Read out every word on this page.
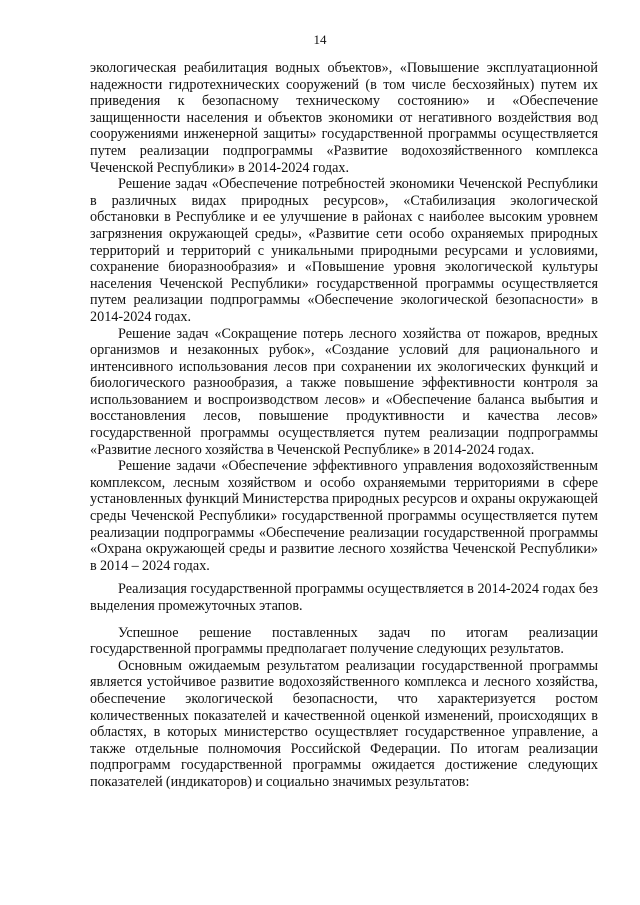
14

экологическая реабилитация водных объектов», «Повышение эксплуатационной надежности гидротехнических сооружений (в том числе бесхозяйных) путем их приведения к безопасному техническому состоянию» и «Обеспечение защищенности населения и объектов экономики от негативного воздействия вод сооружениями инженерной защиты» государственной программы осуществляется путем реализации подпрограммы «Развитие водохозяйственного комплекса Чеченской Республики» в 2014-2024 годах.

Решение задач «Обеспечение потребностей экономики Чеченской Республики в различных видах природных ресурсов», «Стабилизация экологической обстановки в Республике и ее улучшение в районах с наиболее высоким уровнем загрязнения окружающей среды», «Развитие сети особо охраняемых природных территорий и территорий с уникальными природными ресурсами и условиями, сохранение биоразнообразия» и «Повышение уровня экологической культуры населения Чеченской Республики» государственной программы осуществляется путем реализации подпрограммы «Обеспечение экологической безопасности» в 2014-2024 годах.

Решение задач «Сокращение потерь лесного хозяйства от пожаров, вредных организмов и незаконных рубок», «Создание условий для рационального и интенсивного использования лесов при сохранении их экологических функций и биологического разнообразия, а также повышение эффективности контроля за использованием и воспроизводством лесов» и «Обеспечение баланса выбытия и восстановления лесов, повышение продуктивности и качества лесов» государственной программы осуществляется путем реализации подпрограммы «Развитие лесного хозяйства в Чеченской Республике» в 2014-2024 годах.

Решение задачи «Обеспечение эффективного управления водохозяйственным комплексом, лесным хозяйством и особо охраняемыми территориями в сфере установленных функций Министерства природных ресурсов и охраны окружающей среды Чеченской Республики» государственной программы осуществляется путем реализации подпрограммы «Обеспечение реализации государственной программы «Охрана окружающей среды и развитие лесного хозяйства Чеченской Республики» в 2014 – 2024 годах.

Реализация государственной программы осуществляется в 2014-2024 годах без выделения промежуточных этапов.

Успешное решение поставленных задач по итогам реализации государственной программы предполагает получение следующих результатов.

Основным ожидаемым результатом реализации государственной программы является устойчивое развитие водохозяйственного комплекса и лесного хозяйства, обеспечение экологической безопасности, что характеризуется ростом количественных показателей и качественной оценкой изменений, происходящих в областях, в которых министерство осуществляет государственное управление, а также отдельные полномочия Российской Федерации. По итогам реализации подпрограмм государственной программы ожидается достижение следующих показателей (индикаторов) и социально значимых результатов:
